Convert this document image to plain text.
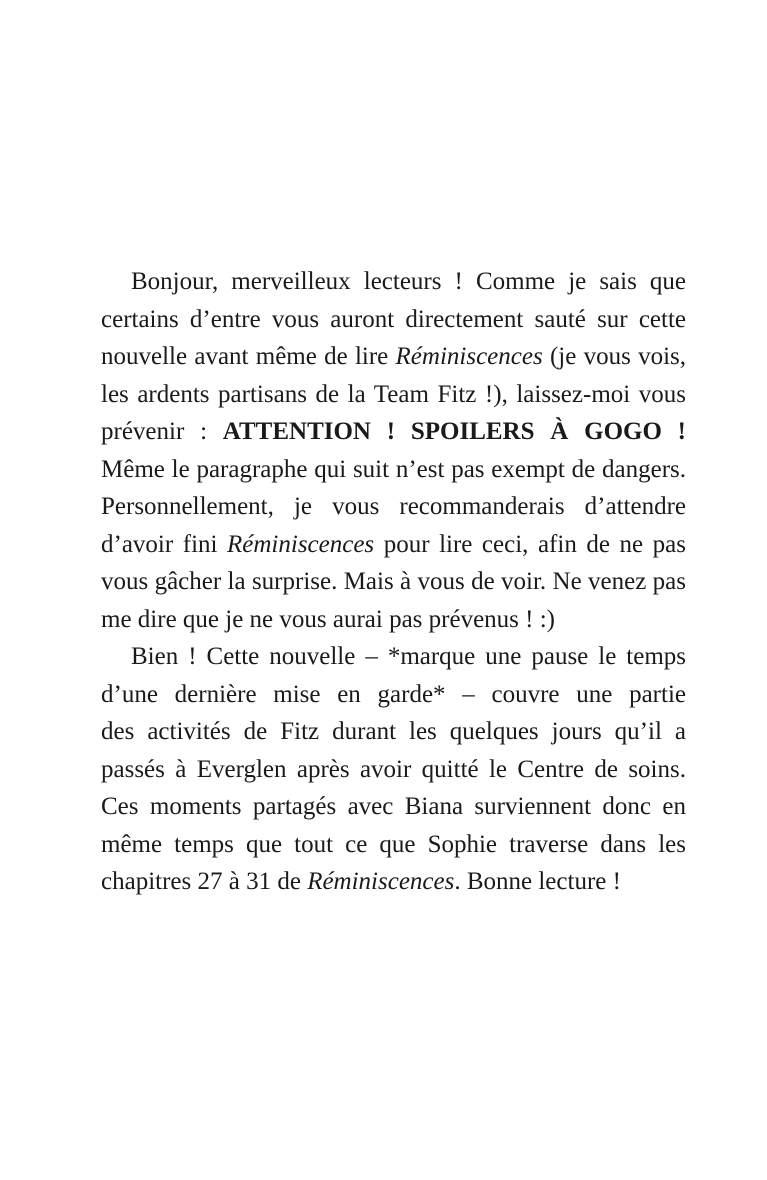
Bonjour, merveilleux lecteurs ! Comme je sais que
certains d’entre vous auront directement sauté sur cette
nouvelle avant même de lire Réminiscences (je vous vois,
les ardents partisans de la Team Fitz !), laissez-moi vous
prévenir : ATTENTION ! SPOILERS À GOGO !
Même le paragraphe qui suit n’est pas exempt de dangers.
Personnellement, je vous recommanderais d’attendre
d’avoir fini Réminiscences pour lire ceci, afin de ne pas
vous gâcher la surprise. Mais à vous de voir. Ne venez pas
me dire que je ne vous aurai pas prévenus ! :)
Bien ! Cette nouvelle – *marque une pause le temps
d’une dernière mise en garde* – couvre une partie
des activités de Fitz durant les quelques jours qu’il a
passés à Everglen après avoir quitté le Centre de soins.
Ces moments partagés avec Biana surviennent donc en
même temps que tout ce que Sophie traverse dans les
chapitres 27 à 31 de Réminiscences. Bonne lecture !
